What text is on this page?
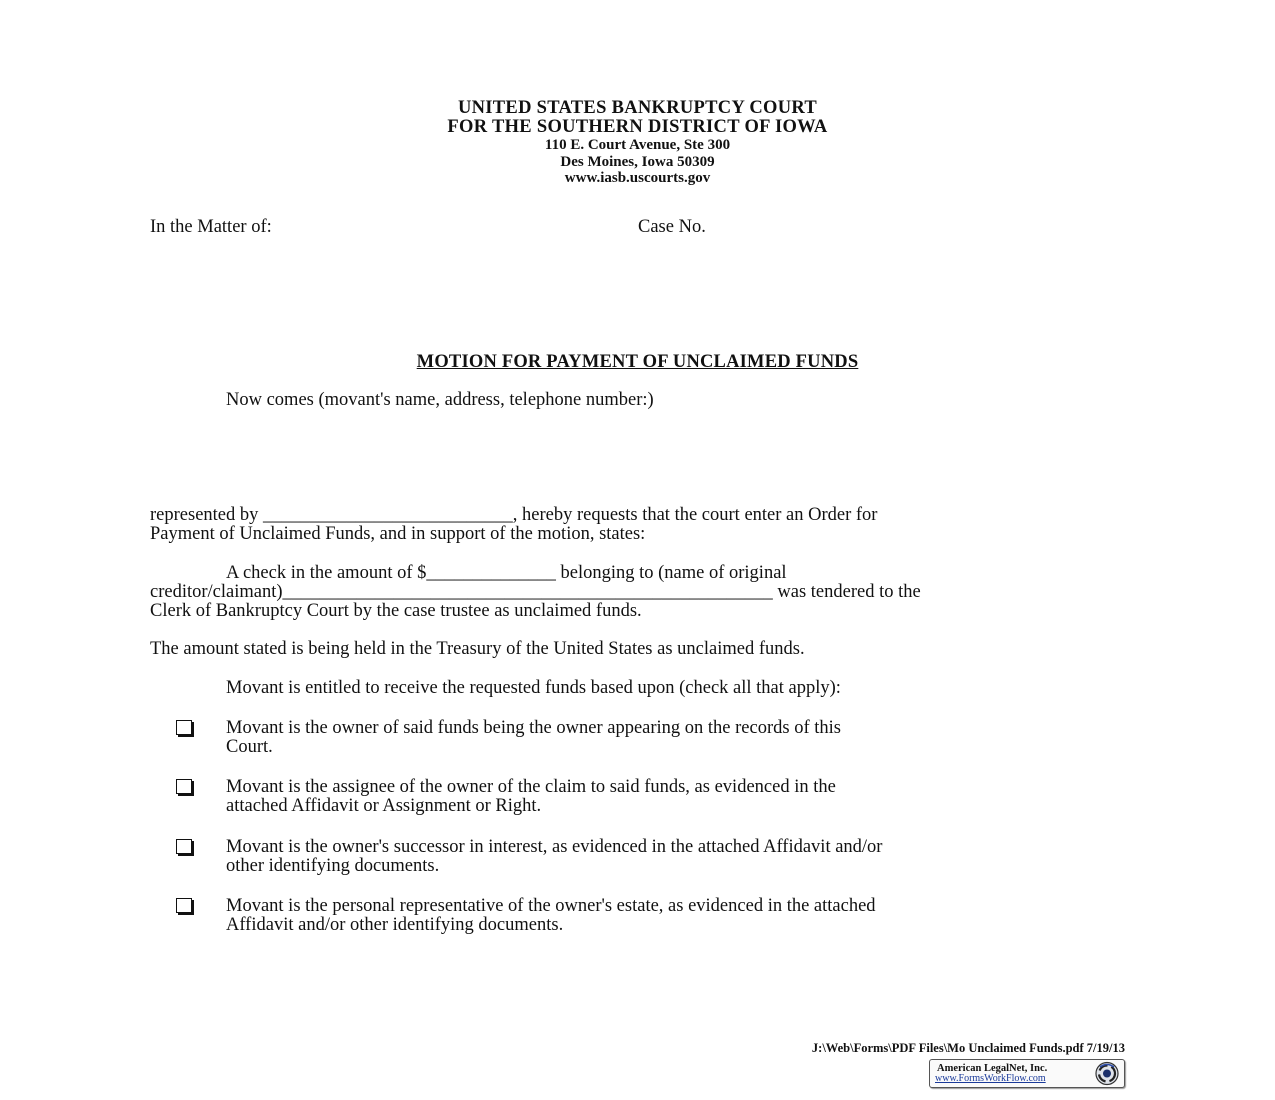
UNITED STATES BANKRUPTCY COURT
FOR THE SOUTHERN DISTRICT OF IOWA
110 E. Court Avenue, Ste 300
Des Moines, Iowa 50309
www.iasb.uscourts.gov
In the Matter of:	Case No.
MOTION FOR PAYMENT OF UNCLAIMED FUNDS
Now comes (movant's name, address, telephone number:)
represented by ___________________________, hereby requests that the court enter an Order for
Payment of Unclaimed Funds, and in support of the motion, states:
A check in the amount of $______________ belonging to (name of original
creditor/claimant)_____________________________________________________ was tendered to the
Clerk of Bankruptcy Court by the case trustee as unclaimed funds.
The amount stated is being held in the Treasury of the United States as unclaimed funds.
Movant is entitled to receive the requested funds based upon (check all that apply):
Movant is the owner of said funds being the owner appearing on the records of this
Court.
Movant is the assignee of the owner of the claim to said funds, as evidenced in the
attached Affidavit or Assignment or Right.
Movant is the owner's successor in interest, as evidenced in the attached Affidavit and/or
other identifying documents.
Movant is the personal representative of the owner's estate, as evidenced in the attached
Affidavit and/or other identifying documents.
J:\Web\Forms\PDF Files\Mo Unclaimed Funds.pdf 7/19/13
American LegalNet, Inc.
www.FormsWorkFlow.com
